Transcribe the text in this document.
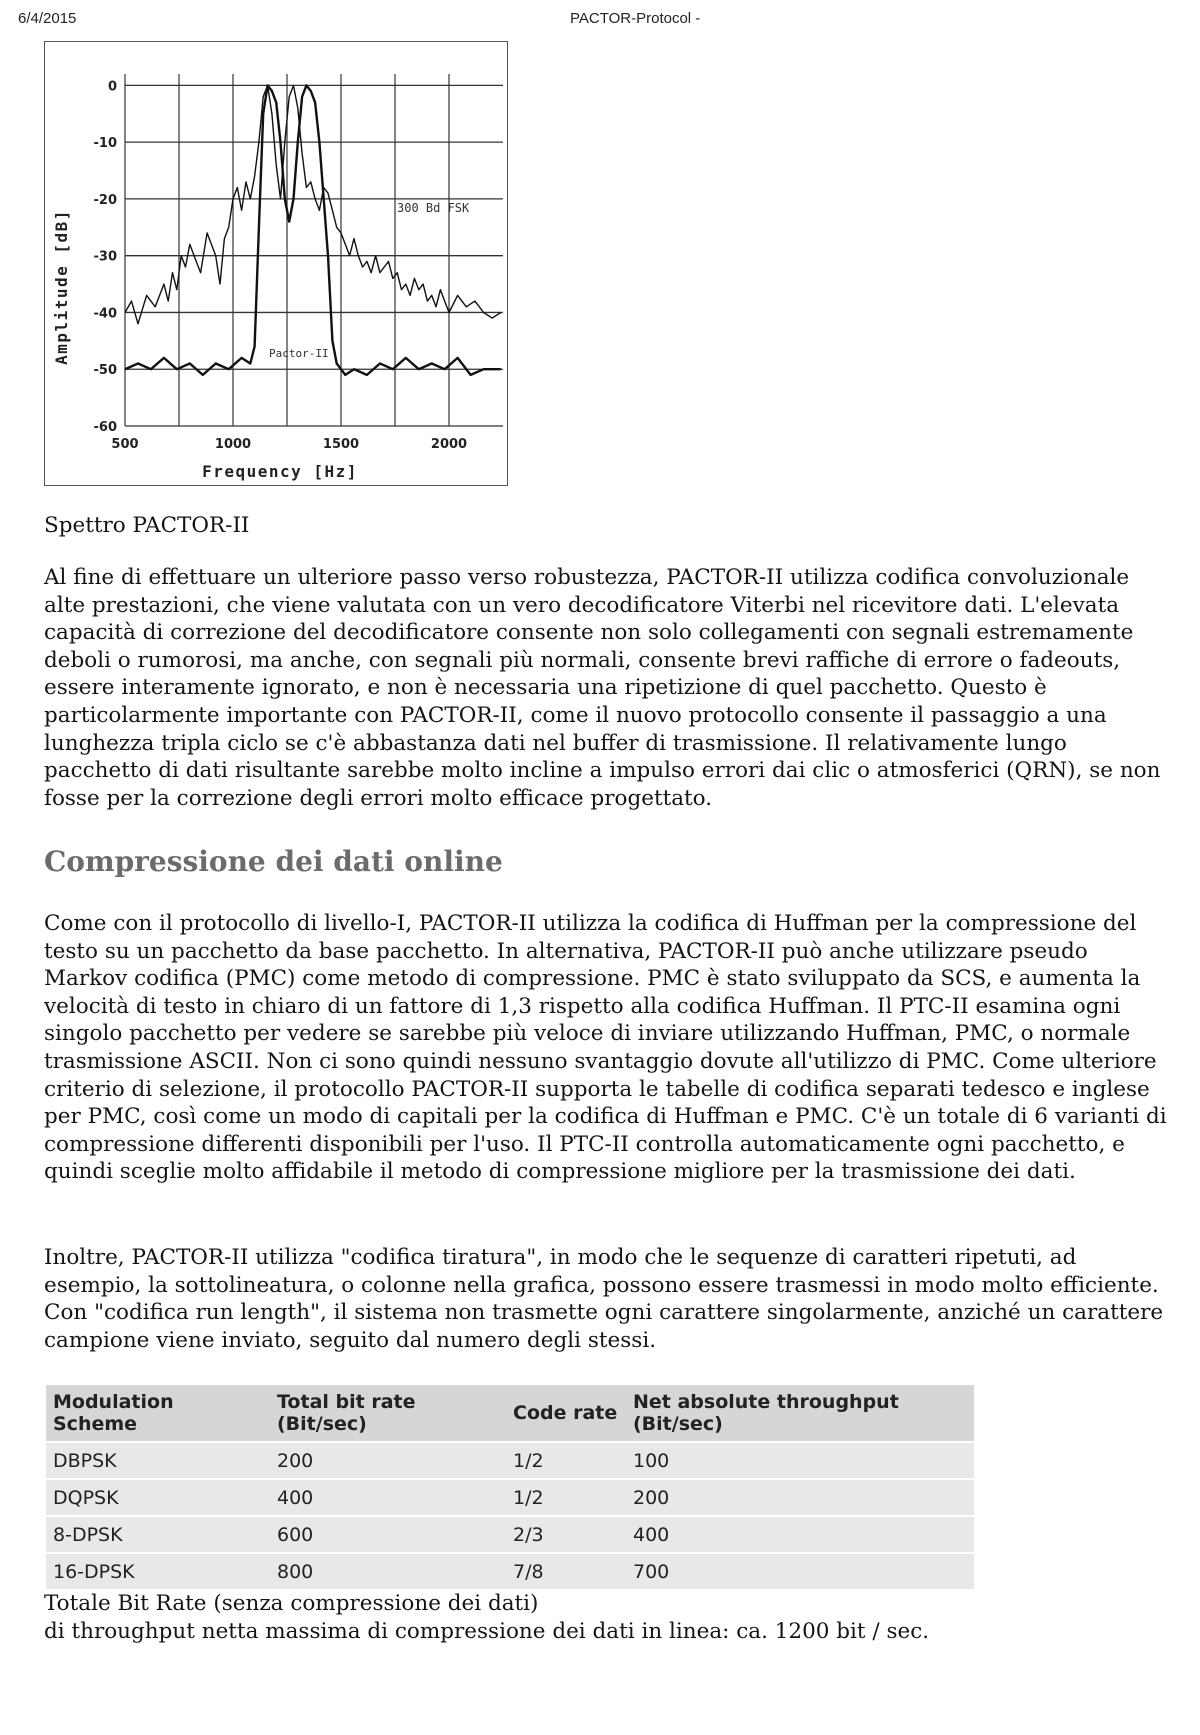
6/4/2015	PACTOR-Protocol -
0
-10
-20
-30
-40
-50
-60
500	1000	1500	2000
Frequency [Hz]
Amplitude [dB]
300 Bd FSK
Pactor-II
Spettro PACTOR-II
Al fine di effettuare un ulteriore passo verso robustezza, PACTOR-II utilizza codifica convoluzionale alte prestazioni, che viene valutata con un vero decodificatore Viterbi nel ricevitore dati. L'elevata capacità di correzione del decodificatore consente non solo collegamenti con segnali estremamente deboli o rumorosi, ma anche, con segnali più normali, consente brevi raffiche di errore o fadeouts, essere interamente ignorato, e non è necessaria una ripetizione di quel pacchetto. Questo è particolarmente importante con PACTOR-II, come il nuovo protocollo consente il passaggio a una lunghezza tripla ciclo se c'è abbastanza dati nel buffer di trasmissione. Il relativamente lungo pacchetto di dati risultante sarebbe molto incline a impulso errori dai clic o atmosferici (QRN), se non fosse per la correzione degli errori molto efficace progettato.
Compressione dei dati online
Come con il protocollo di livello-I, PACTOR-II utilizza la codifica di Huffman per la compressione del testo su un pacchetto da base pacchetto. In alternativa, PACTOR-II può anche utilizzare pseudo Markov codifica (PMC) come metodo di compressione. PMC è stato sviluppato da SCS, e aumenta la velocità di testo in chiaro di un fattore di 1,3 rispetto alla codifica Huffman. Il PTC-II esamina ogni singolo pacchetto per vedere se sarebbe più veloce di inviare utilizzando Huffman, PMC, o normale trasmissione ASCII. Non ci sono quindi nessuno svantaggio dovute all'utilizzo di PMC. Come ulteriore criterio di selezione, il protocollo PACTOR-II supporta le tabelle di codifica separati tedesco e inglese per PMC, così come un modo di capitali per la codifica di Huffman e PMC. C'è un totale di 6 varianti di compressione differenti disponibili per l'uso. Il PTC-II controlla automaticamente ogni pacchetto, e quindi sceglie molto affidabile il metodo di compressione migliore per la trasmissione dei dati.
Inoltre, PACTOR-II utilizza "codifica tiratura", in modo che le sequenze di caratteri ripetuti, ad esempio, la sottolineatura, o colonne nella grafica, possono essere trasmessi in modo molto efficiente. Con "codifica run length", il sistema non trasmette ogni carattere singolarmente, anziché un carattere campione viene inviato, seguito dal numero degli stessi.
Modulation Scheme	Total bit rate (Bit/sec)	Code rate	Net absolute throughput (Bit/sec)
DBPSK	200	1/2	100
DQPSK	400	1/2	200
8-DPSK	600	2/3	400
16-DPSK	800	7/8	700
Totale Bit Rate (senza compressione dei dati)
di throughput netta massima di compressione dei dati in linea: ca. 1200 bit / sec.
